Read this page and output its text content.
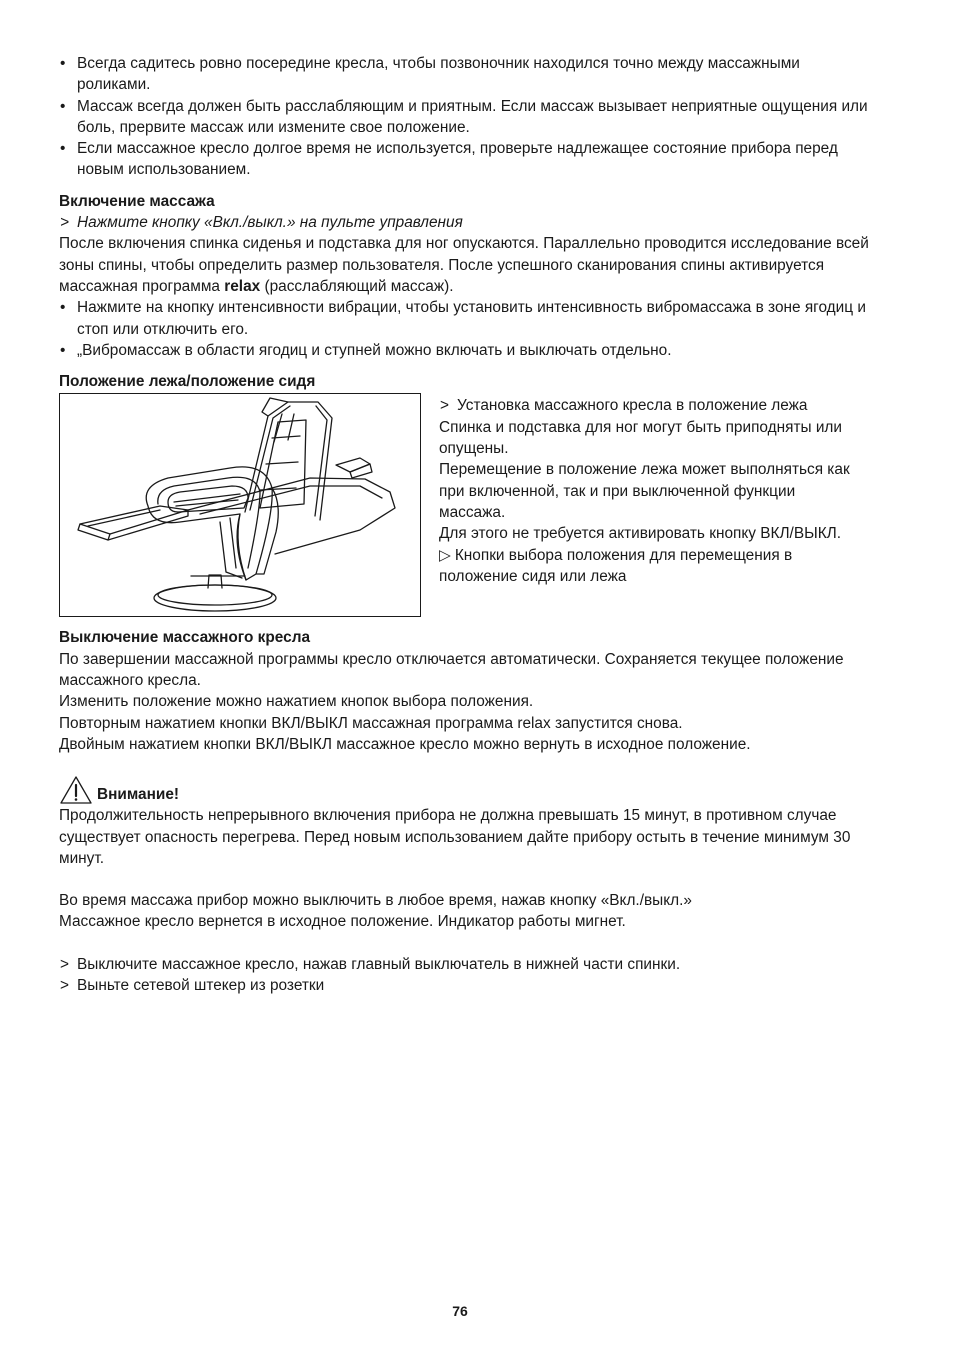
• Всегда садитесь ровно посередине кресла, чтобы позвоночник находился точно между массажными роликами.
• Массаж всегда должен быть расслабляющим и приятным. Если массаж вызывает неприятные ощущения или боль, прервите массаж или измените свое положение.
• Если массажное кресло долгое время не используется, проверьте надлежащее состояние прибора перед новым использованием.
Включение массажа
> Нажмите кнопку «Вкл./выкл.» на пульте управления

После включения спинка сиденья и подставка для ног опускаются. Параллельно проводится исследование всей зоны спины, чтобы определить размер пользователя. После успешного сканирования спины активируется массажная программа relax (расслабляющий массаж).

• Нажмите на кнопку интенсивности вибрации, чтобы установить интенсивность вибромассажа в зоне ягодиц и стоп или отключить его.
• „Вибромассаж в области ягодиц и ступней можно включать и выключать отдельно.
Положение лежа/положение сидя
> Установка массажного кресла в положение лежа

Спинка и подставка для ног могут быть приподняты или опущены.

Перемещение в положение лежа может выполняться как при включенной, так и при выключенной функции массажа.

Для этого не требуется активировать кнопку ВКЛ/ВЫКЛ.

▷ Кнопки выбора положения для перемещения в положение сидя или лежа

Выключение массажного кресла

По завершении массажной программы кресло отключается автоматически. Сохраняется текущее положение массажного кресла.

Изменить положение можно нажатием кнопок выбора положения.

Повторным нажатием кнопки ВКЛ/ВЫКЛ массажная программа relax запустится снова.

Двойным нажатием кнопки ВКЛ/ВЫКЛ массажное кресло можно вернуть в исходное положение.

Внимание!

Продолжительность непрерывного включения прибора не должна превышать 15 минут, в противном случае существует опасность перегрева. Перед новым использованием дайте прибору остыть в течение минимум 30 минут.

Во время массажа прибор можно выключить в любое время, нажав кнопку «Вкл./выкл.»

Массажное кресло вернется в исходное положение. Индикатор работы мигнет.

> Выключите массажное кресло, нажав главный выключатель в нижней части спинки.
> Выньте сетевой штекер из розетки
76
